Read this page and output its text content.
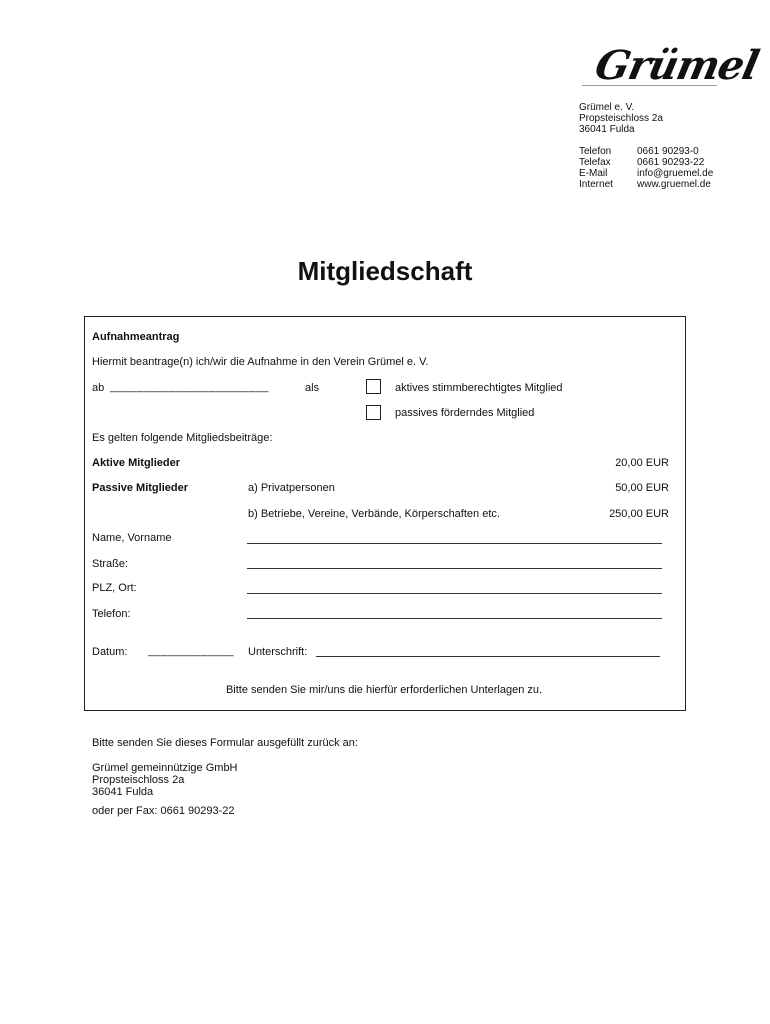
Grümel
Grümel e. V.
Propsteischloss 2a
36041 Fulda
Telefon	0661 90293-0
Telefax	0661 90293-22
E-Mail	info@gruemel.de
Internet www.gruemel.de
Mitgliedschaft
Aufnahmeantrag
Hiermit beantrage(n) ich/wir die Aufnahme in den Verein Grümel e. V.
ab ________________________	als	aktives stimmberechtigtes Mitglied
passives förderndes Mitglied
Es gelten folgende Mitgliedsbeiträge:
Aktive Mitglieder	20,00 EUR
Passive Mitglieder	a) Privatpersonen	50,00 EUR
b) Betriebe, Vereine, Verbände, Körperschaften etc.	250,00 EUR
Name, Vorname
Straße:
PLZ, Ort:
Telefon:
Datum: _____________ Unterschrift:
Bitte senden Sie mir/uns die hierfür erforderlichen Unterlagen zu.
Bitte senden Sie dieses Formular ausgefüllt zurück an:
Grümel gemeinnützige GmbH
Propsteischloss 2a
36041 Fulda
oder per Fax: 0661 90293-22
